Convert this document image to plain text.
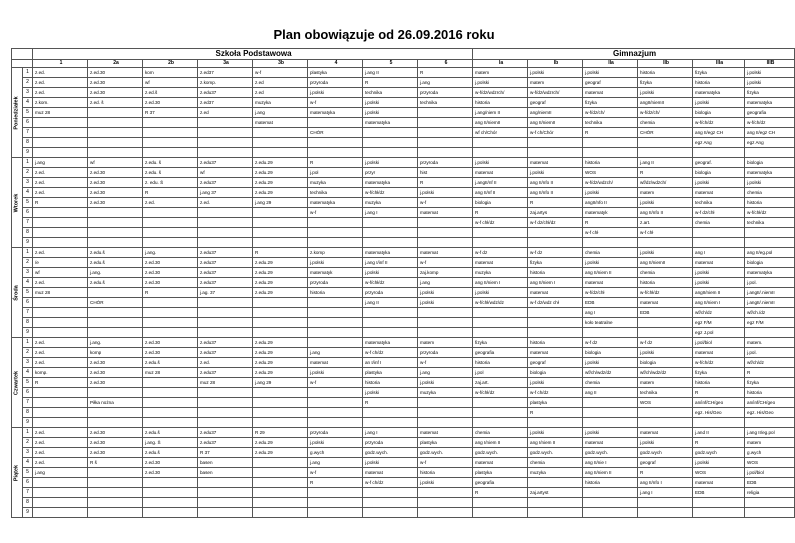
Plan obowiązuje od 26.09.2016 roku
		Szkoła Podstawowa								Gimnazjum					
		1	2a	2b	3a	3b	4	5	6	Ia	Ib	IIa	IIb	IIIa	IIIB

Poniedziałek	1	z.ed.	z.ed.30	kom	z.ed37	w-f	plastyka	j.ang II	R	matem	j.polski	j.polski	historia	fizyka	j.polski
	2	z.ed.	z.ed.30	wf	z.komp.	z.ed	przyroda	R	j.ang	j.polski	matem	geograf	fizyka	historia	j.polski
	3	z.ed.	z.ed.30	z.ed.š	z.edu37	z.ed	j.polski	technika	przyroda	w-f/dz/wdzrch/	w-f/dz/wdzrch/	matemat	j.polski	matematyka	fizyka
	4	z.kom.	z.ed. š	z.ed.30	z.ed37	muzyka	w-f	j.polski	technika	historia	geograf	fizyka	angII/niemII	j.polski	matematyka
	5	muz 28		R 37	z.ed	j.ang	matematyka	j.polski		j.ang/niem II	ang/niemII	w-f/dz/ch/	w-f/dz/ch/	biologia	geografia
	6					matemat		matematyka		ang II/niemII	ang II/niemII	technika	chemia	w-f/ch/dz	w-f/ch/dz
	7						CHÓR			wf ch/Chór	w-f ch/Chór	R	CHÓR	ang II/egz CH	ang II/egz CH
	8													egz Ang	egz Ang
	9														

Wtorek	1	j.ang	wf	z.edu. š	z.edu37	z.edu.29	R	j.polski	przyroda	j.polski	matemat	historia	j.ang II	geograf.	biologia
	2	z.ed.	z.ed.30	z.edu. š	wf	z.edu.29	j.pol	przyr	hist	matemat	j.polski	WOS	R	biologia	matematyka
	3	z.ed.	z.ed.30	z. edu. Š	z.edu37	z.edu.29	muzyka	matematyka	R	j.angII/nf II	ang II/nfo II	w-f/dz/wdzch/	wf/dz/wdzch/	j.polski	j.polski
	4	z.ed.	z.ed.30	R	j.ang 37	z.edu.29	technika	w-f/chł/dz	j.polski	ang II/nf II	ang II/nfo II	j.polski	matem	matemat	chemia
	5	R	z.ed.30	z.ed.	z.ed.	j.ang 29	matematyka	muzyka	w-f	biologia	R	angII/nfo II	j.polski	technika	historia
	6						w-f	j.ang I	matemat	R	zaj.artys	matematyk	ang II/nfo II	w-f dz/chł	w-f/chł/dz
	7									w-f chł/dz	w-f dz/chł/dz	R	z.art.	chemia	technika
	8											w-f chł	w-f chł		
	9														

Środa	1	z.ed.	z.edu.š	j.ang.	z.edu37	R	z.komp	matematyka	matemat	w-f dz	w-f dz	chemia	j.polski	ang I	ang II/eg.pol
	2	/e	z.edu.š	z.ed.30	z.edu37	z.edu.29	j.polski	j.ang I/inf II	w-f	matemat	fizyka	j.polski	ang II/niemII	matemat	biologia
	3	wf	j.ang.	z.ed.30	z.edu37	z.edu.29	matematyk	j.polski	zaj.komp	muzyka	historia	ang II/niem II	chemia	j.polski	matematyka
	4	z.ed.	z.edu.š	z.ed.30	z.edu37	z.edu.29	przyroda	w-f/chł/dz	j.ang	ang II/niem I	ang II/niem I	matemat	historia	j.polski	j.pol.
	5	muz 28		R	j.ag. 37	z.edu.29	historia	przyroda	j.polski	j.polski	matemat	w-f/dz/chł	w-f/chł/dz	angII/niem II	j.angII/.niemII
	6		CHÓR					j.ang II	j.polski	w-f/chł/wdz/dz	w-f dz/wdz chł	EDB	matemat	ang II/niem I	j.angII/.niemII
	7											ang I	EDB	wf/ch/dz	wf/ch./dz
	8											koło teatralne		egz F/M	egz F/M
	9													egz J.pol	

Czwartek	1	z.ed.	j.ang.	z.ed.30	z.edu37	z.edu.29		matematyka	matem	fizyka	historia	w-f dz	w-f dz	j.pol/biol	matem.
	2	z.ed.	komp	z.ed.30	z.edu37	z.edu.29	j.ang	w-f ch/dz	przyroda	geografia	matemat	biologia	j.polski	matemat	j.pol.
	3	z.ed.	z.ed.30	z.edu.š	z.ed.	z.edu.29	matemat	an I/inf I	w-f	historia	geograf	j.polski	biologia	w-f/ch/dz	wf/ch/dz
	4	komp.	z.ed.30	muz 28	z.edu37	z.edu.29	j.polski	plastyka	j.ang	j.pol	biologia	wf/ch/wdz/dz	wf/ch/wdz/dz	fizyka	R
	5	R	z.ed.30		muz 28	j.ang 29	w-f	historia	j.polski	zaj.art.	j.polski	chemia	matem	historia	fizyka
	6							j.polski	muzyka	w-f/chł/dz	w-f ch/dz	ang II	technika	R	historia
	7		Piłka nożna					R			plastyka		WOS	an/inf/CH/geo	an/inf/CH/geo
	8										R			egz. His/Geo	egz. His/Geo
	9														

Piątek	1	z.ed.	z.ed.30	z.edu.š	z.edu37	R 29	przyroda	j.ang I	matemat	chemia	j.polski	j.polski	matemat	j.and II	j.ang II/eg.pol
	2	z.ed.	z.ed.30	j.ang. Š	z.edu37	z.edu.29	j.polski	przyroda	plastyka	ang I/niem II	ang I/niem II	matemat	j.polski	R	matem
	3	z.ed.	z.ed.30	z.edu.š	R 37	z.edu.29	g.wych	godz.wych.	godz.wych.	godz.wych.	godz.wych.	godz.wych.	godz.wych	godz.wych	g.wych
	4	z.ed.	R š	z.ed.30	basen		j.ang	j.polski	w-f	matemat	chemia	ang II/nie I	geograf	j.polski	WOS
	5	j.ang		z.ed.30	basen		w-f	matemat	historia	plastyka	muzyka	ang II/niem II	R	WOS	j.pol/biol
	6						R	w-f ch/dz	j.polski	geografia		historia	ang II/nfo I	matemat	EDB
	7									R	zaj.artyst		j.ang I	EDB	religia
	8														
	9														
